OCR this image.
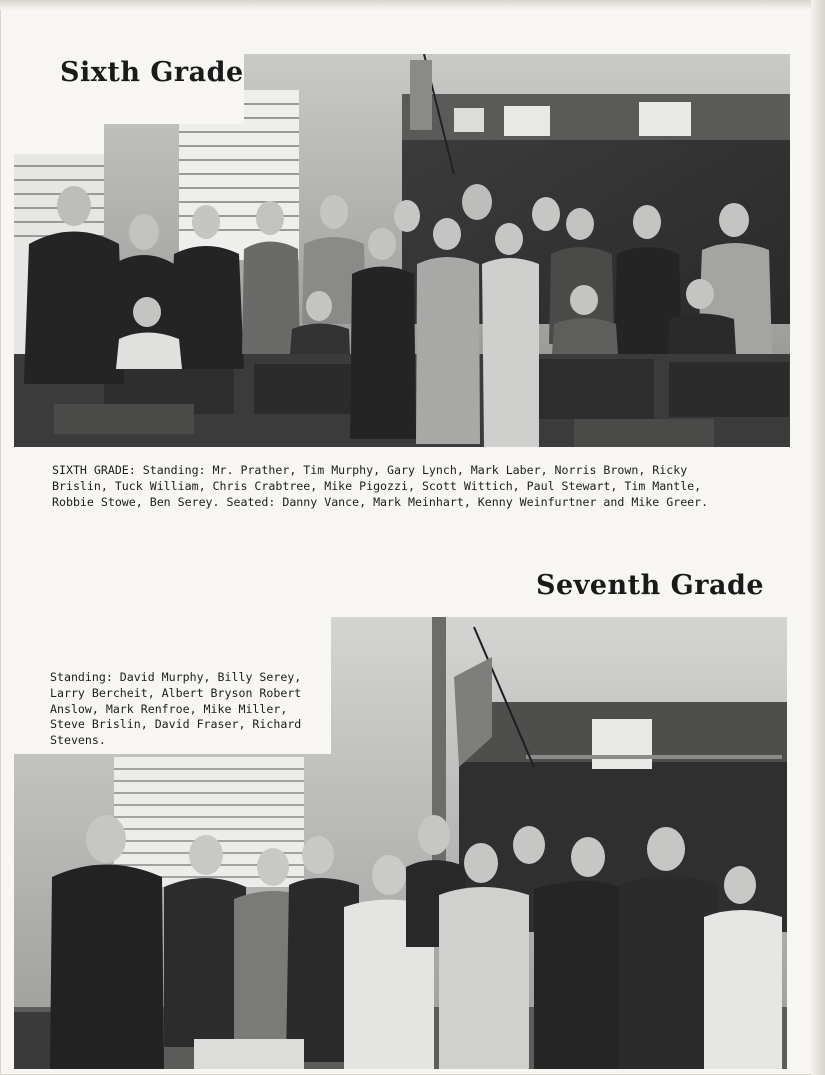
Sixth Grade

SIXTH GRADE: Standing: Mr. Prather, Tim Murphy, Gary Lynch, Mark Laber, Norris Brown, Ricky Brislin, Tuck William, Chris Crabtree, Mike Pigozzi, Scott Wittich, Paul Stewart, Tim Mantle, Robbie Stowe, Ben Serey. Seated: Danny Vance, Mark Meinhart, Kenny Weinfurtner and Mike Greer.

Seventh Grade

Standing: David Murphy, Billy Serey, Larry Bercheit, Albert Bryson Robert Anslow, Mark Renfroe, Mike Miller, Steve Brislin, David Fraser, Richard Stevens.
